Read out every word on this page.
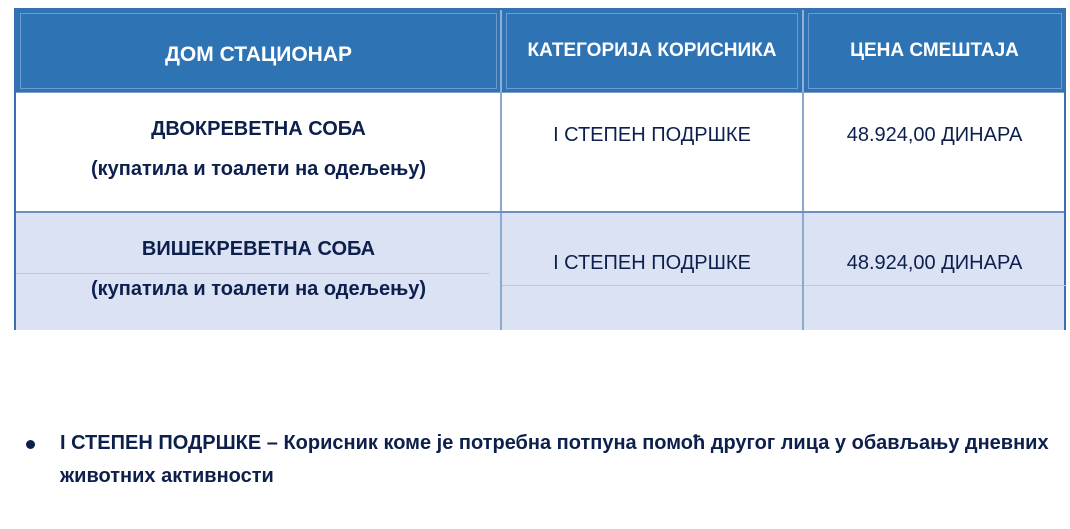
ДОМ СТАЦИОНАР	КАТЕГОРИЈА КОРИСНИКА	ЦЕНА СМЕШТАЈА
ДВОКРЕВЕТНА СОБА
(купатила и тоалети на одељењу)
I СТЕПЕН ПОДРШКЕ	48.924,00 ДИНАРА
ВИШЕКРЕВЕТНА СОБА
(купатила и тоалети на одељењу)
I СТЕПЕН ПОДРШКЕ	48.924,00 ДИНАРА
I СТЕПЕН ПОДРШКЕ – Корисник коме је потребна потпуна помоћ другог лица у обављању дневних животних активности
